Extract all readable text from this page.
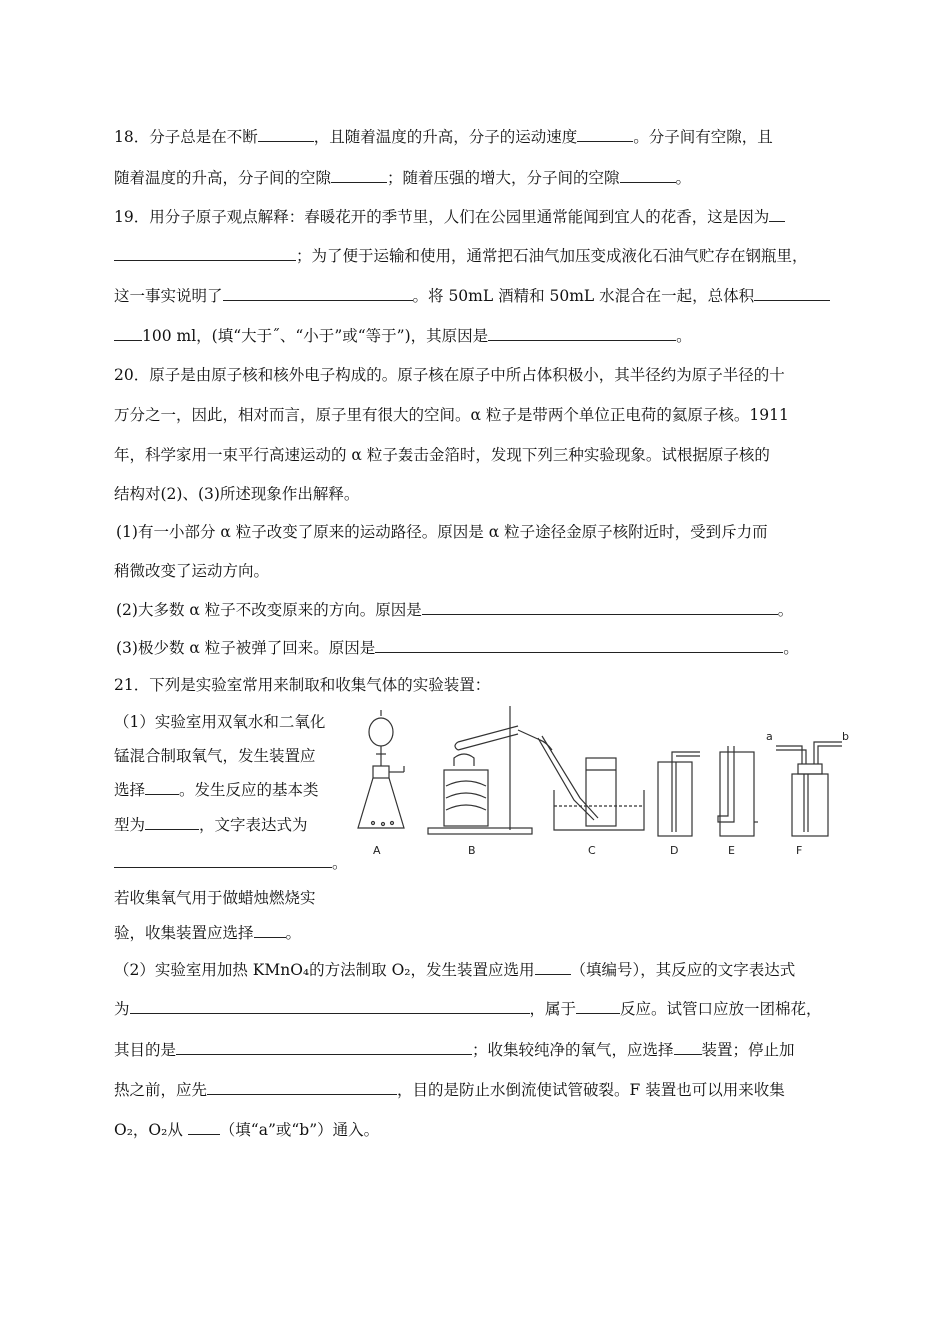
18．分子总是在不断	，且随着温度的升高，分子的运动速度	。分子间有空隙，且
随着温度的升高，分子间的空隙	；随着压强的增大，分子间的空隙	。
19．用分子原子观点解释：春暖花开的季节里，人们在公园里通常能闻到宜人的花香，这是因为
；为了便于运输和使用，通常把石油气加压变成液化石油气贮存在钢瓶里，
这一事实说明了	。将 50mL 酒精和 50mL 水混合在一起，总体积
100 ml，(填“大于˝、“小于”或“等于”)，其原因是	。
20．原子是由原子核和核外电子构成的。原子核在原子中所占体积极小，其半径约为原子半径的十
万分之一，因此，相对而言，原子里有很大的空间。α 粒子是带两个单位正电荷的氦原子核。1911
年，科学家用一束平行高速运动的 α 粒子轰击金箔时，发现下列三种实验现象。试根据原子核的
结构对(2)、(3)所述现象作出解释。
(1)有一小部分 α 粒子改变了原来的运动路径。原因是 α 粒子途径金原子核附近时，受到斥力而
稍微改变了运动方向。
(2)大多数 α 粒子不改变原来的方向。原因是	。
(3)极少数 α 粒子被弹了回来。原因是	。
21．下列是实验室常用来制取和收集气体的实验装置：
（1）实验室用双氧水和二氧化
锰混合制取氧气，发生装置应
选择 。发生反应的基本类
型为	，文字表达式为
。
若收集氧气用于做蜡烛燃烧实
验，收集装置应选择 。
（2）实验室用加热 KMnO₄的方法制取 O₂，发生装置应选用 （填编号），其反应的文字表达式
为	，属于	反应。试管口应放一团棉花，
其目的是	；收集较纯净的氧气，应选择 装置；停止加
热之前，应先	，目的是防止水倒流使试管破裂。F 装置也可以用来收集
O₂，O₂从 （填“a”或“b”）通入。
A	B	C	D	E	F
a	b
